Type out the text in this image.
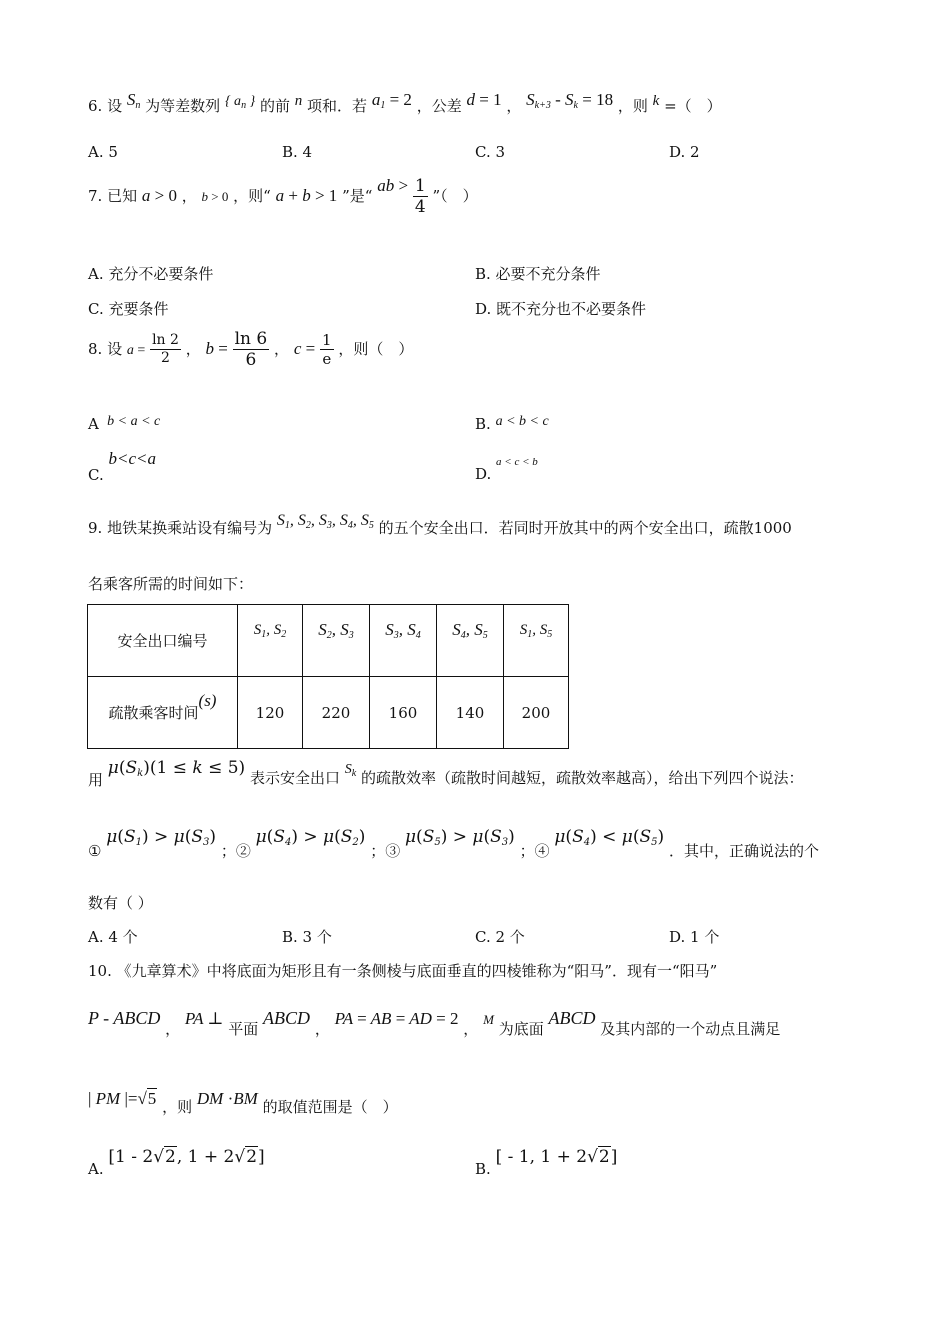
6. 设 $S_n$ 为等差数列 { $a_n$ } 的前 n 项和．若 $a_1 = 2$ ，公差 d = 1 ， $S_{k+3} - S_k = 18$ ，则 k =（　）
A. 5	B. 4	C. 3	D. 2
7. 已知 a > 0 ， b > 0 ，则“ a + b > 1 ”是“ ab > $\frac{1}{4}$ ”（　）
A. 充分不必要条件	B. 必要不充分条件
C. 充要条件	D. 既不充分也不必要条件
8. 设 $a = \frac{\ln 2}{2}$ ， $b = \frac{\ln 6}{6}$ ， $c = \frac{1}{e}$ ，则（　）
A  b < a < c	B. a < b < c
C. b<c<a
D. a < c < b
9. 地铁某换乘站设有编号为 $S_1$, $S_2$, $S_3$, $S_4$, $S_5$ 的五个安全出口．若同时开放其中的两个安全出口，疏散1000
名乘客所需的时间如下：
安全出口编号	$S_1$, $S_2$	$S_2$, $S_3$	$S_3$, $S_4$	$S_4$, $S_5$	$S_1$, $S_5$
疏散乘客时间(s)	120	220	160	140	200
用 $\mu(S_k)(1 \le k \le 5)$ 表示安全出口 $S_k$ 的疏散效率（疏散时间越短，疏散效率越高），给出下列四个说法：
① $\mu(S_1) > \mu(S_3)$ ；② $\mu(S_4) > \mu(S_2)$ ；③ $\mu(S_5) > \mu(S_3)$ ；④ $\mu(S_4) < \mu(S_5)$ ．其中，正确说法的个
数有（ ）
A. 4 个	B. 3 个	C. 2 个	D. 1 个
10. 《九章算术》中将底面为矩形且有一条侧棱与底面垂直的四棱锥称为“阳马”．现有一“阳马”
P - ABCD ， PA ⊥ 平面 ABCD ， PA = AB = AD = 2 ， M 为底面 ABCD 及其内部的一个动点且满足
| PM |=√5 ，则 DM ·BM 的取值范围是（　）
A. [1 - 2√2, 1 + 2√2]
B. [ - 1, 1 + 2√2]
